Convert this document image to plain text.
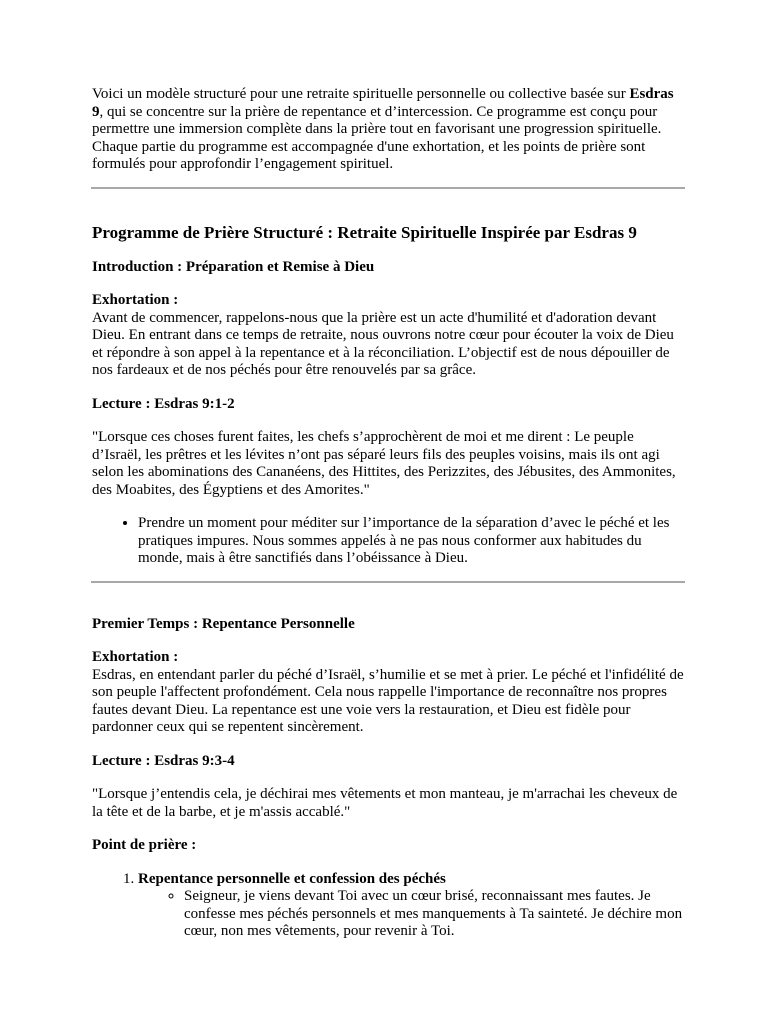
Voici un modèle structuré pour une retraite spirituelle personnelle ou collective basée sur Esdras 9, qui se concentre sur la prière de repentance et d’intercession. Ce programme est conçu pour permettre une immersion complète dans la prière tout en favorisant une progression spirituelle. Chaque partie du programme est accompagnée d'une exhortation, et les points de prière sont formulés pour approfondir l’engagement spirituel.

Programme de Prière Structuré : Retraite Spirituelle Inspirée par Esdras 9

Introduction : Préparation et Remise à Dieu

Exhortation :

Avant de commencer, rappelons-nous que la prière est un acte d'humilité et d'adoration devant Dieu. En entrant dans ce temps de retraite, nous ouvrons notre cœur pour écouter la voix de Dieu et répondre à son appel à la repentance et à la réconciliation. L’objectif est de nous dépouiller de nos fardeaux et de nos péchés pour être renouvelés par sa grâce.

Lecture : Esdras 9:1-2

"Lorsque ces choses furent faites, les chefs s’approchèrent de moi et me dirent : Le peuple d’Israël, les prêtres et les lévites n’ont pas séparé leurs fils des peuples voisins, mais ils ont agi selon les abominations des Cananéens, des Hittites, des Perizzites, des Jébusites, des Ammonites, des Moabites, des Égyptiens et des Amorites."

• Prendre un moment pour méditer sur l’importance de la séparation d’avec le péché et les pratiques impures. Nous sommes appelés à ne pas nous conformer aux habitudes du monde, mais à être sanctifiés dans l’obéissance à Dieu.

Premier Temps : Repentance Personnelle

Exhortation :

Esdras, en entendant parler du péché d’Israël, s’humilie et se met à prier. Le péché et l'infidélité de son peuple l'affectent profondément. Cela nous rappelle l'importance de reconnaître nos propres fautes devant Dieu. La repentance est une voie vers la restauration, et Dieu est fidèle pour pardonner ceux qui se repentent sincèrement.

Lecture : Esdras 9:3-4

"Lorsque j’entendis cela, je déchirai mes vêtements et mon manteau, je m'arrachai les cheveux de la tête et de la barbe, et je m'assis accablé."

Point de prière :

1. Repentance personnelle et confession des péchés
◦ Seigneur, je viens devant Toi avec un cœur brisé, reconnaissant mes fautes. Je confesse mes péchés personnels et mes manquements à Ta sainteté. Je déchire mon cœur, non mes vêtements, pour revenir à Toi.
